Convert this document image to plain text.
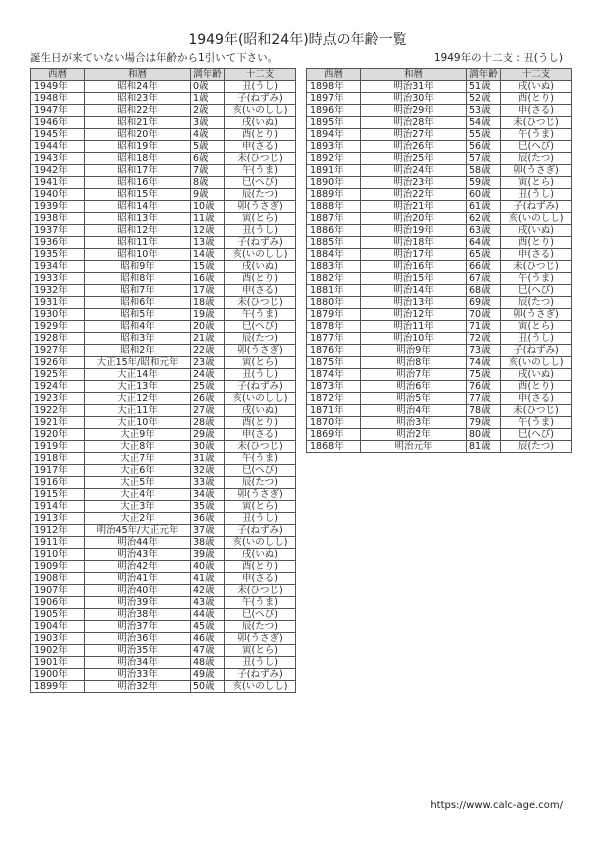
1949年(昭和24年)時点の年齢一覧
誕生日が来ていない場合は年齢から1引いて下さい。	1949年の十二支 : 丑(うし)
西暦	和暦	満年齢	十二支
1949年	昭和24年	0歳	丑(うし)
1948年	昭和23年	1歳	子(ねずみ)
1947年	昭和22年	2歳	亥(いのしし)
1946年	昭和21年	3歳	戌(いぬ)
1945年	昭和20年	4歳	酉(とり)
1944年	昭和19年	5歳	申(さる)
1943年	昭和18年	6歳	未(ひつじ)
1942年	昭和17年	7歳	午(うま)
1941年	昭和16年	8歳	巳(へび)
1940年	昭和15年	9歳	辰(たつ)
1939年	昭和14年	10歳	卯(うさぎ)
1938年	昭和13年	11歳	寅(とら)
1937年	昭和12年	12歳	丑(うし)
1936年	昭和11年	13歳	子(ねずみ)
1935年	昭和10年	14歳	亥(いのしし)
1934年	昭和9年	15歳	戌(いぬ)
1933年	昭和8年	16歳	酉(とり)
1932年	昭和7年	17歳	申(さる)
1931年	昭和6年	18歳	未(ひつじ)
1930年	昭和5年	19歳	午(うま)
1929年	昭和4年	20歳	巳(へび)
1928年	昭和3年	21歳	辰(たつ)
1927年	昭和2年	22歳	卯(うさぎ)
1926年	大正15年/昭和元年	23歳	寅(とら)
1925年	大正14年	24歳	丑(うし)
1924年	大正13年	25歳	子(ねずみ)
1923年	大正12年	26歳	亥(いのしし)
1922年	大正11年	27歳	戌(いぬ)
1921年	大正10年	28歳	酉(とり)
1920年	大正9年	29歳	申(さる)
1919年	大正8年	30歳	未(ひつじ)
1918年	大正7年	31歳	午(うま)
1917年	大正6年	32歳	巳(へび)
1916年	大正5年	33歳	辰(たつ)
1915年	大正4年	34歳	卯(うさぎ)
1914年	大正3年	35歳	寅(とら)
1913年	大正2年	36歳	丑(うし)
1912年	明治45年/大正元年	37歳	子(ねずみ)
1911年	明治44年	38歳	亥(いのしし)
1910年	明治43年	39歳	戌(いぬ)
1909年	明治42年	40歳	酉(とり)
1908年	明治41年	41歳	申(さる)
1907年	明治40年	42歳	未(ひつじ)
1906年	明治39年	43歳	午(うま)
1905年	明治38年	44歳	巳(へび)
1904年	明治37年	45歳	辰(たつ)
1903年	明治36年	46歳	卯(うさぎ)
1902年	明治35年	47歳	寅(とら)
1901年	明治34年	48歳	丑(うし)
1900年	明治33年	49歳	子(ねずみ)
1899年	明治32年	50歳	亥(いのしし)
西暦	和暦	満年齢	十二支
1898年	明治31年	51歳	戌(いぬ)
1897年	明治30年	52歳	酉(とり)
1896年	明治29年	53歳	申(さる)
1895年	明治28年	54歳	未(ひつじ)
1894年	明治27年	55歳	午(うま)
1893年	明治26年	56歳	巳(へび)
1892年	明治25年	57歳	辰(たつ)
1891年	明治24年	58歳	卯(うさぎ)
1890年	明治23年	59歳	寅(とら)
1889年	明治22年	60歳	丑(うし)
1888年	明治21年	61歳	子(ねずみ)
1887年	明治20年	62歳	亥(いのしし)
1886年	明治19年	63歳	戌(いぬ)
1885年	明治18年	64歳	酉(とり)
1884年	明治17年	65歳	申(さる)
1883年	明治16年	66歳	未(ひつじ)
1882年	明治15年	67歳	午(うま)
1881年	明治14年	68歳	巳(へび)
1880年	明治13年	69歳	辰(たつ)
1879年	明治12年	70歳	卯(うさぎ)
1878年	明治11年	71歳	寅(とら)
1877年	明治10年	72歳	丑(うし)
1876年	明治9年	73歳	子(ねずみ)
1875年	明治8年	74歳	亥(いのしし)
1874年	明治7年	75歳	戌(いぬ)
1873年	明治6年	76歳	酉(とり)
1872年	明治5年	77歳	申(さる)
1871年	明治4年	78歳	未(ひつじ)
1870年	明治3年	79歳	午(うま)
1869年	明治2年	80歳	巳(へび)
1868年	明治元年	81歳	辰(たつ)
https://www.calc-age.com/
